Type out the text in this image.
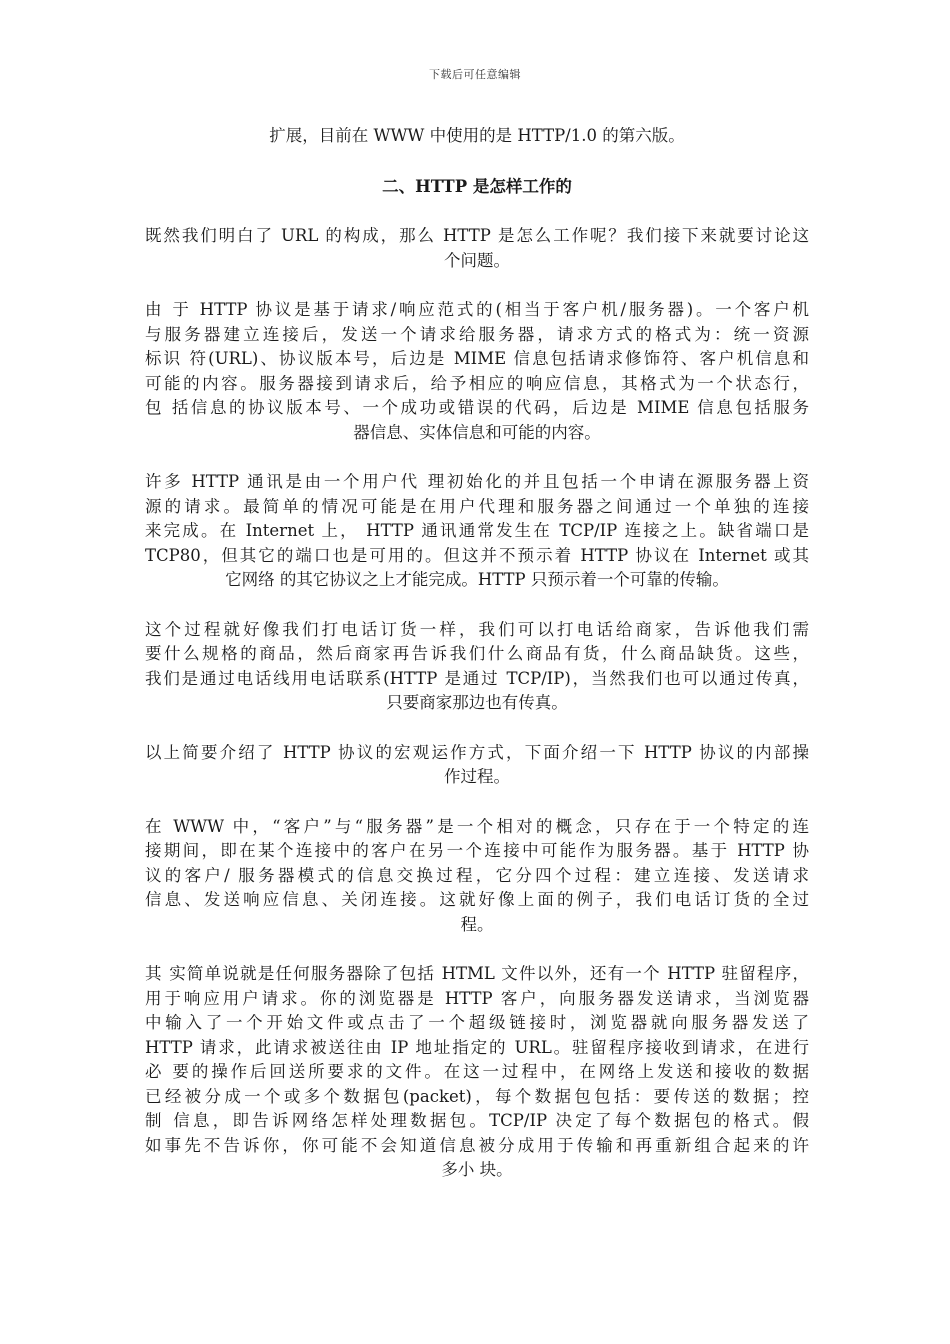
下载后可任意编辑
扩展，目前在 WWW 中使用的是 HTTP/1.0 的第六版。
二、HTTP 是怎样工作的
既然我们明白了 URL 的构成，那么 HTTP 是怎么工作呢？我们接下来就要讨论这
个问题。
由 于 HTTP 协议是基于请求/响应范式的(相当于客户机/服务器)。一个客户机
与服务器建立连接后，发送一个请求给服务器，请求方式的格式为：统一资源
标识 符(URL)、协议版本号，后边是 MIME 信息包括请求修饰符、客户机信息和
可能的内容。服务器接到请求后，给予相应的响应信息，其格式为一个状态行，
包 括信息的协议版本号、一个成功或错误的代码，后边是 MIME 信息包括服务
器信息、实体信息和可能的内容。
许多 HTTP 通讯是由一个用户代 理初始化的并且包括一个申请在源服务器上资
源的请求。最简单的情况可能是在用户代理和服务器之间通过一个单独的连接
来完成。在 Internet 上， HTTP 通讯通常发生在 TCP/IP 连接之上。缺省端口是
TCP80，但其它的端口也是可用的。但这并不预示着 HTTP 协议在 Internet 或其
它网络 的其它协议之上才能完成。HTTP 只预示着一个可靠的传输。
这个过程就好像我们打电话订货一样，我们可以打电话给商家，告诉他我们需
要什么规格的商品，然后商家再告诉我们什么商品有货，什么商品缺货。这些，
我们是通过电话线用电话联系(HTTP 是通过 TCP/IP)，当然我们也可以通过传真，
只要商家那边也有传真。
以上简要介绍了 HTTP 协议的宏观运作方式，下面介绍一下 HTTP 协议的内部操
作过程。
在 WWW 中，“客户”与“服务器”是一个相对的概念，只存在于一个特定的连
接期间，即在某个连接中的客户在另一个连接中可能作为服务器。基于 HTTP 协
议的客户/ 服务器模式的信息交换过程，它分四个过程：建立连接、发送请求
信息、发送响应信息、关闭连接。这就好像上面的例子，我们电话订货的全过
程。
其 实简单说就是任何服务器除了包括 HTML 文件以外，还有一个 HTTP 驻留程序，
用于响应用户请求。你的浏览器是 HTTP 客户，向服务器发送请求，当浏览器
中输入了一个开始文件或点击了一个超级链接时，浏览器就向服务器发送了
HTTP 请求，此请求被送往由 IP 地址指定的 URL。驻留程序接收到请求，在进行
必 要的操作后回送所要求的文件。在这一过程中，在网络上发送和接收的数据
已经被分成一个或多个数据包(packet)，每个数据包包括：要传送的数据；控
制 信息，即告诉网络怎样处理数据包。TCP/IP 决定了每个数据包的格式。假
如事先不告诉你，你可能不会知道信息被分成用于传输和再重新组合起来的许
多小 块。
